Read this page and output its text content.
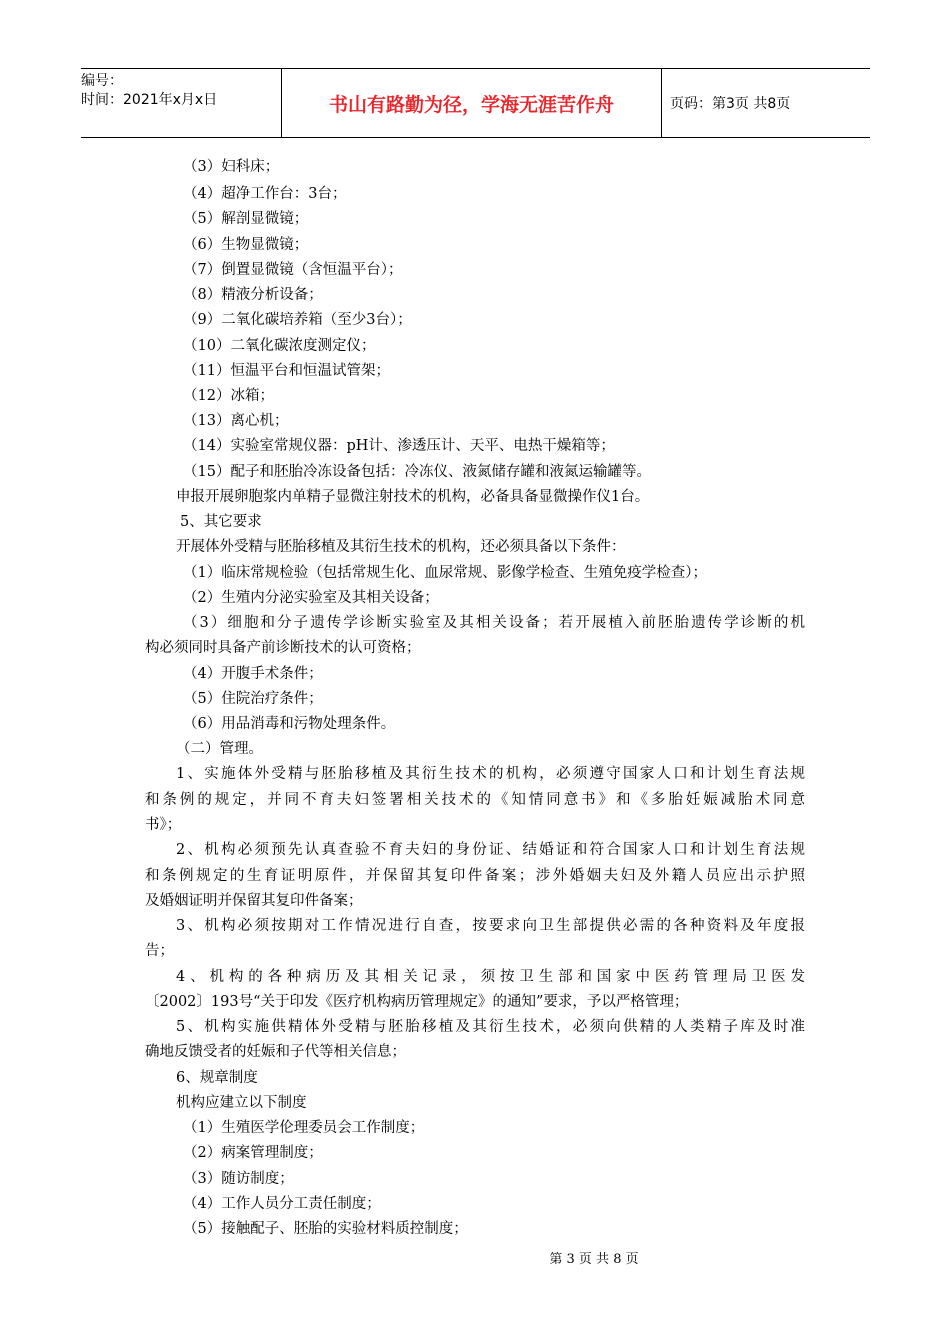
编号：
时间：2021年x月x日	书山有路勤为径，学海无涯苦作舟	页码：第3页 共8页
（3）妇科床；
（4）超净工作台：3台；
（5）解剖显微镜；
（6）生物显微镜；
（7）倒置显微镜（含恒温平台）；
（8）精液分析设备；
（9）二氧化碳培养箱（至少3台）；
（10）二氧化碳浓度测定仪；
（11）恒温平台和恒温试管架；
（12）冰箱；
（13）离心机；
（14）实验室常规仪器：pH计、渗透压计、天平、电热干燥箱等；
（15）配子和胚胎冷冻设备包括：冷冻仪、液氮储存罐和液氮运输罐等。
申报开展卵胞浆内单精子显微注射技术的机构，必备具备显微操作仪1台。
5、其它要求
开展体外受精与胚胎移植及其衍生技术的机构，还必须具备以下条件：
（1）临床常规检验（包括常规生化、血尿常规、影像学检查、生殖免疫学检查）；
（2）生殖内分泌实验室及其相关设备；
（3）细胞和分子遗传学诊断实验室及其相关设备；若开展植入前胚胎遗传学诊断的机
构必须同时具备产前诊断技术的认可资格；
（4）开腹手术条件；
（5）住院治疗条件；
（6）用品消毒和污物处理条件。
（二）管理。
1、实施体外受精与胚胎移植及其衍生技术的机构，必须遵守国家人口和计划生育法规
和条例的规定，并同不育夫妇签署相关技术的《知情同意书》和《多胎妊娠减胎术同意
书》；
2、机构必须预先认真查验不育夫妇的身份证、结婚证和符合国家人口和计划生育法规
和条例规定的生育证明原件，并保留其复印件备案；涉外婚姻夫妇及外籍人员应出示护照
及婚姻证明并保留其复印件备案；
3、机构必须按期对工作情况进行自查，按要求向卫生部提供必需的各种资料及年度报
告；
4、机构的各种病历及其相关记录，须按卫生部和国家中医药管理局卫医发
〔2002〕193号“关于印发《医疗机构病历管理规定》的通知”要求，予以严格管理；
5、机构实施供精体外受精与胚胎移植及其衍生技术，必须向供精的人类精子库及时准
确地反馈受者的妊娠和子代等相关信息；
6、规章制度
机构应建立以下制度
（1）生殖医学伦理委员会工作制度；
（2）病案管理制度；
（3）随访制度；
（4）工作人员分工责任制度；
（5）接触配子、胚胎的实验材料质控制度；
第 3 页 共 8 页
